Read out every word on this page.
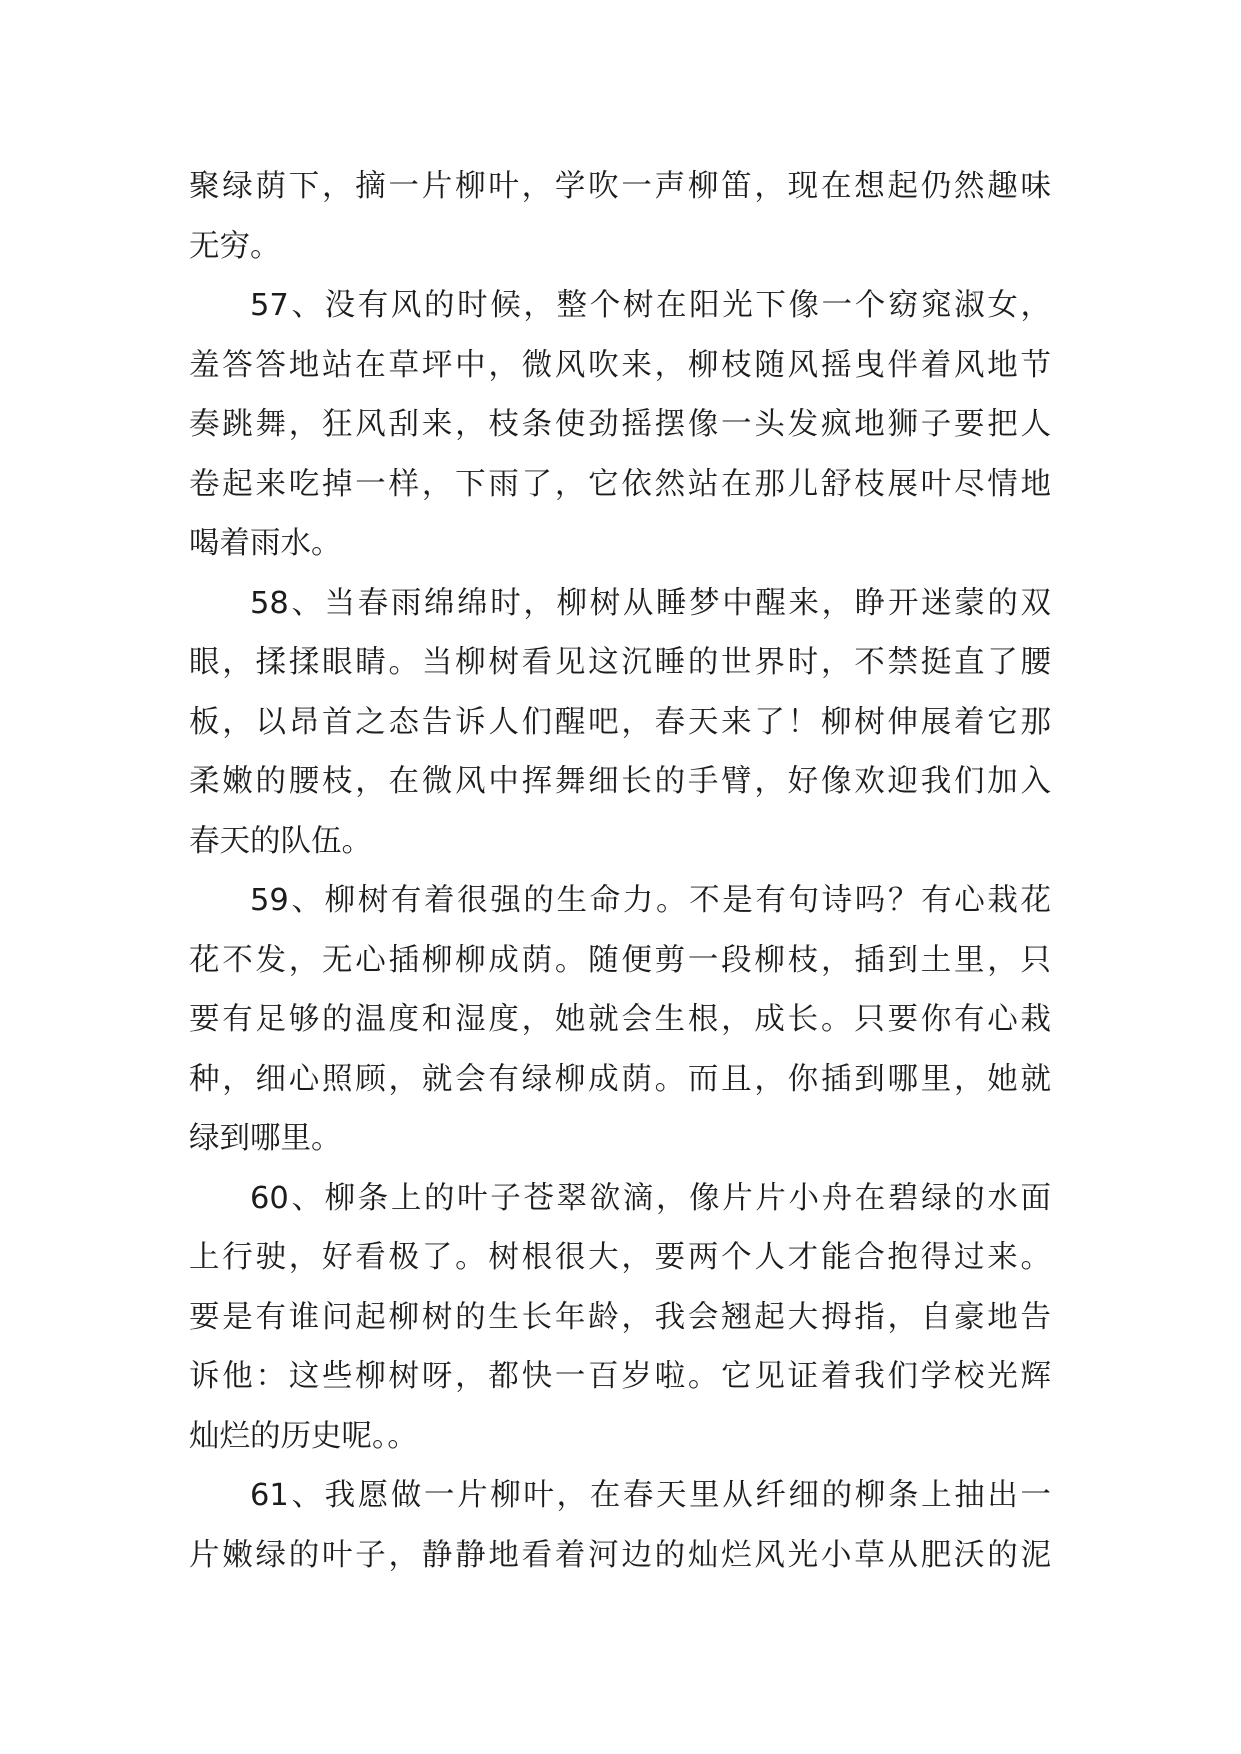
聚绿荫下，摘一片柳叶，学吹一声柳笛，现在想起仍然趣味

无穷。

57、没有风的时候，整个树在阳光下像一个窈窕淑女，

羞答答地站在草坪中，微风吹来，柳枝随风摇曳伴着风地节

奏跳舞，狂风刮来，枝条使劲摇摆像一头发疯地狮子要把人

卷起来吃掉一样，下雨了，它依然站在那儿舒枝展叶尽情地

喝着雨水。

58、当春雨绵绵时，柳树从睡梦中醒来，睁开迷蒙的双

眼，揉揉眼睛。当柳树看见这沉睡的世界时，不禁挺直了腰

板，以昂首之态告诉人们醒吧，春天来了！柳树伸展着它那

柔嫩的腰枝，在微风中挥舞细长的手臂，好像欢迎我们加入

春天的队伍。

59、柳树有着很强的生命力。不是有句诗吗？有心栽花

花不发，无心插柳柳成荫。随便剪一段柳枝，插到土里，只

要有足够的温度和湿度，她就会生根，成长。只要你有心栽

种，细心照顾，就会有绿柳成荫。而且，你插到哪里，她就

绿到哪里。

60、柳条上的叶子苍翠欲滴，像片片小舟在碧绿的水面

上行驶，好看极了。树根很大，要两个人才能合抱得过来。

要是有谁问起柳树的生长年龄，我会翘起大拇指，自豪地告

诉他：这些柳树呀，都快一百岁啦。它见证着我们学校光辉

灿烂的历史呢。。

61、我愿做一片柳叶，在春天里从纤细的柳条上抽出一

片嫩绿的叶子，静静地看着河边的灿烂风光小草从肥沃的泥
